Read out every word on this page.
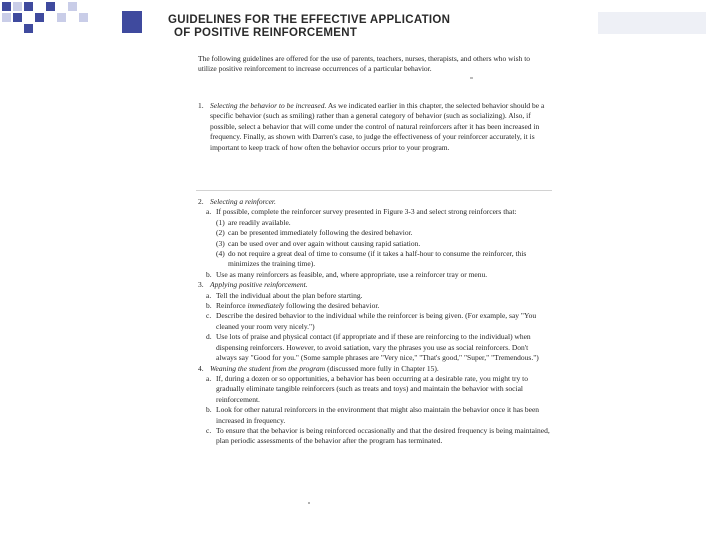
GUIDELINES FOR THE EFFECTIVE APPLICATION
OF POSITIVE REINFORCEMENT
The following guidelines are offered for the use of parents, teachers, nurses, therapists, and others who wish to utilize positive reinforcement to increase occurrences of a particular behavior.
1. Selecting the behavior to be increased. As we indicated earlier in this chapter, the selected behavior should be a specific behavior (such as smiling) rather than a general category of behavior (such as socializing). Also, if possible, select a behavior that will come under the control of natural reinforcers after it has been increased in frequency. Finally, as shown with Darren's case, to judge the effectiveness of your reinforcer accurately, it is important to keep track of how often the behavior occurs prior to your program.
2. Selecting a reinforcer.
a. If possible, complete the reinforcer survey presented in Figure 3-3 and select strong reinforcers that:
(1) are readily available.
(2) can be presented immediately following the desired behavior.
(3) can be used over and over again without causing rapid satiation.
(4) do not require a great deal of time to consume (if it takes a half-hour to consume the reinforcer, this minimizes the training time).
b. Use as many reinforcers as feasible, and, where appropriate, use a reinforcer tray or menu.
3. Applying positive reinforcement.
a. Tell the individual about the plan before starting.
b. Reinforce immediately following the desired behavior.
c. Describe the desired behavior to the individual while the reinforcer is being given. (For example, say "You cleaned your room very nicely.")
d. Use lots of praise and physical contact (if appropriate and if these are reinforcing to the individual) when dispensing reinforcers. However, to avoid satiation, vary the phrases you use as social reinforcers. Don't always say "Good for you." (Some sample phrases are "Very nice," "That's good," "Super," "Tremendous.")
4. Weaning the student from the program (discussed more fully in Chapter 15).
a. If, during a dozen or so opportunities, a behavior has been occurring at a desirable rate, you might try to gradually eliminate tangible reinforcers (such as treats and toys) and maintain the behavior with social reinforcement.
b. Look for other natural reinforcers in the environment that might also maintain the behavior once it has been increased in frequency.
c. To ensure that the behavior is being reinforced occasionally and that the desired frequency is being maintained, plan periodic assessments of the behavior after the program has terminated.
